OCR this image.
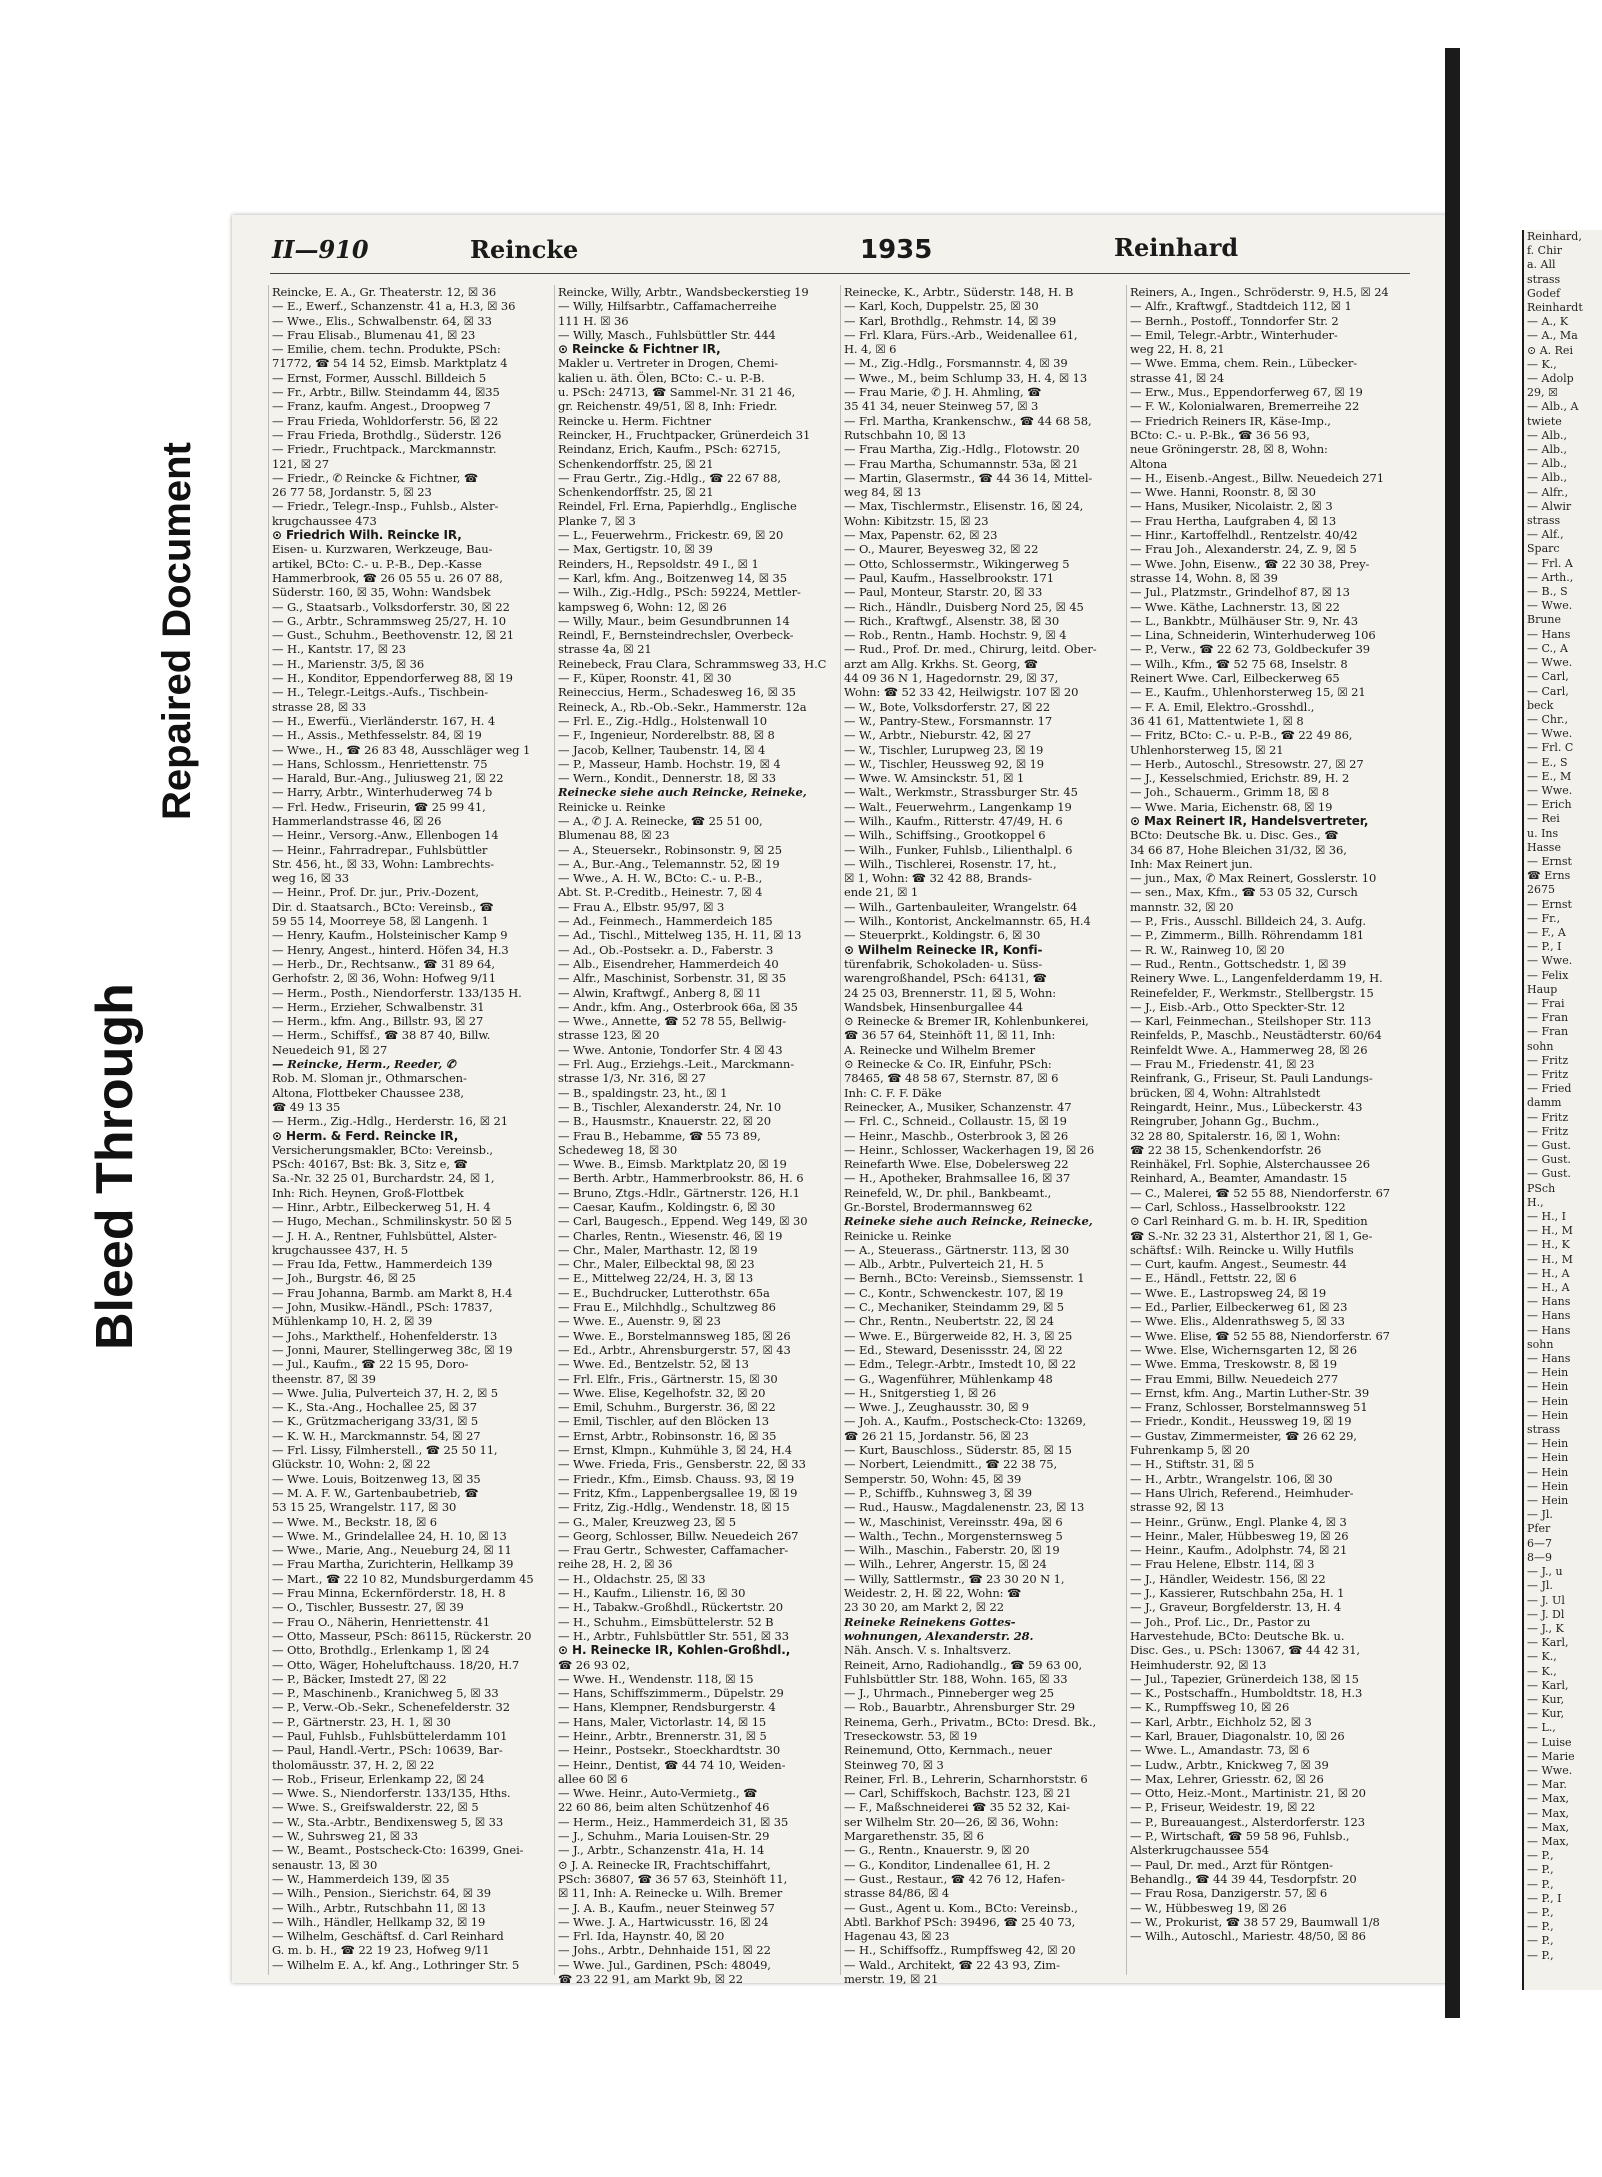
Bleed Through
Repaired Document
II—910	Reincke	1935	Reinhard
Reincke, E. A., Gr. Theaterstr. 12, ☒ 36
— E., Ewerf., Schanzenstr. 41 a, H.3, ☒ 36
— Wwe., Elis., Schwalbenstr. 64, ☒ 33
— Frau Elisab., Blumenau 41, ☒ 23
— Emilie, chem. techn. Produkte, PSch:
71772, ☎ 54 14 52, Eimsb. Marktplatz 4
— Ernst, Former, Ausschl. Billdeich 5
— Fr., Arbtr., Billw. Steindamm 44, ☒35
— Franz, kaufm. Angest., Droopweg 7
— Frau Frieda, Wohldorferstr. 56, ☒ 22
— Frau Frieda, Brothdlg., Süderstr. 126
— Friedr., Fruchtpack., Marckmannstr.
121, ☒ 27
— Friedr., ✆ Reincke & Fichtner, ☎
26 77 58, Jordanstr. 5, ☒ 23
— Friedr., Telegr.-Insp., Fuhlsb., Alster-
krugchaussee 473
⊙ Friedrich Wilh. Reincke IR,
Eisen- u. Kurzwaren, Werkzeuge, Bau-
artikel, BCto: C.- u. P.-B., Dep.-Kasse
Hammerbrook, ☎ 26 05 55 u. 26 07 88,
Süderstr. 160, ☒ 35, Wohn: Wandsbek
— G., Staatsarb., Volksdorferstr. 30, ☒ 22
— G., Arbtr., Schrammsweg 25/27, H. 10
— Gust., Schuhm., Beethovenstr. 12, ☒ 21
— H., Kantstr. 17, ☒ 23
— H., Marienstr. 3/5, ☒ 36
— H., Konditor, Eppendorferweg 88, ☒ 19
— H., Telegr.-Leitgs.-Aufs., Tischbein-
strasse 28, ☒ 33
— H., Ewerfü., Vierländerstr. 167, H. 4
— H., Assis., Methfesselstr. 84, ☒ 19
— Wwe., H., ☎ 26 83 48, Ausschläger weg 1
— Hans, Schlossm., Henriettenstr. 75
— Harald, Bur.-Ang., Juliusweg 21, ☒ 22
— Harry, Arbtr., Winterhuderweg 74 b
— Frl. Hedw., Friseurin, ☎ 25 99 41,
Hammerlandstrasse 46, ☒ 26
— Heinr., Versorg.-Anw., Ellenbogen 14
— Heinr., Fahrradrepar., Fuhlsbüttler
Str. 456, ht., ☒ 33, Wohn: Lambrechts-
weg 16, ☒ 33
— Heinr., Prof. Dr. jur., Priv.-Dozent,
Dir. d. Staatsarch., BCto: Vereinsb., ☎
59 55 14, Moorreye 58, ☒ Langenh. 1
— Henry, Kaufm., Holsteinischer Kamp 9
— Henry, Angest., hinterd. Höfen 34, H.3
— Herb., Dr., Rechtsanw., ☎ 31 89 64,
Gerhofstr. 2, ☒ 36, Wohn: Hofweg 9/11
— Herm., Posth., Niendorferstr. 133/135 H.
— Herm., Erzieher, Schwalbenstr. 31
— Herm., kfm. Ang., Billstr. 93, ☒ 27
— Herm., Schiffsf., ☎ 38 87 40, Billw.
Neuedeich 91, ☒ 27
— Reincke, Herm., Reeder, ✆
Rob. M. Sloman jr., Othmarschen-
Altona, Flottbeker Chaussee 238,
☎ 49 13 35
— Herm., Zig.-Hdlg., Herderstr. 16, ☒ 21
⊙ Herm. & Ferd. Reincke IR,
Versicherungsmakler, BCto: Vereinsb.,
PSch: 40167, Bst: Bk. 3, Sitz e, ☎
Sa.-Nr. 32 25 01, Burchardstr. 24, ☒ 1,
Inh: Rich. Heynen, Groß-Flottbek
— Hinr., Arbtr., Eilbeckerweg 51, H. 4
— Hugo, Mechan., Schmilinskystr. 50 ☒ 5
— J. H. A., Rentner, Fuhlsbüttel, Alster-
krugchaussee 437, H. 5
— Frau Ida, Fettw., Hammerdeich 139
— Joh., Burgstr. 46, ☒ 25
— Frau Johanna, Barmb. am Markt 8, H.4
— John, Musikw.-Händl., PSch: 17837,
Mühlenkamp 10, H. 2, ☒ 39
— Johs., Markthelf., Hohenfelderstr. 13
— Jonni, Maurer, Stellingerweg 38c, ☒ 19
— Jul., Kaufm., ☎ 22 15 95, Doro-
theenstr. 87, ☒ 39
— Wwe. Julia, Pulverteich 37, H. 2, ☒ 5
— K., Sta.-Ang., Hochallee 25, ☒ 37
— K., Grützmacherigang 33/31, ☒ 5
— K. W. H., Marckmannstr. 54, ☒ 27
— Frl. Lissy, Filmherstell., ☎ 25 50 11,
Glückstr. 10, Wohn: 2, ☒ 22
— Wwe. Louis, Boitzenweg 13, ☒ 35
— M. A. F. W., Gartenbaubetrieb, ☎
53 15 25, Wrangelstr. 117, ☒ 30
— Wwe. M., Beckstr. 18, ☒ 6
— Wwe. M., Grindelallee 24, H. 10, ☒ 13
— Wwe., Marie, Ang., Neueburg 24, ☒ 11
— Frau Martha, Zurichterin, Hellkamp 39
— Mart., ☎ 22 10 82, Mundsburgerdamm 45
— Frau Minna, Eckernförderstr. 18, H. 8
— O., Tischler, Bussestr. 27, ☒ 39
— Frau O., Näherin, Henriettenstr. 41
— Otto, Masseur, PSch: 86115, Rückerstr. 20
— Otto, Brothdlg., Erlenkamp 1, ☒ 24
— Otto, Wäger, Hoheluftchauss. 18/20, H.7
— P., Bäcker, Imstedt 27, ☒ 22
— P., Maschinenb., Kranichweg 5, ☒ 33
— P., Verw.-Ob.-Sekr., Schenefelderstr. 32
— P., Gärtnerstr. 23, H. 1, ☒ 30
— Paul, Fuhlsb., Fuhlsbüttelerdamm 101
— Paul, Handl.-Vertr., PSch: 10639, Bar-
tholomäusstr. 37, H. 2, ☒ 22
— Rob., Friseur, Erlenkamp 22, ☒ 24
— Wwe. S., Niendorferstr. 133/135, Hths.
— Wwe. S., Greifswalderstr. 22, ☒ 5
— W., Sta.-Arbtr., Bendixensweg 5, ☒ 33
— W., Suhrsweg 21, ☒ 33
— W., Beamt., Postscheck-Cto: 16399, Gnei-
senaustr. 13, ☒ 30
— W., Hammerdeich 139, ☒ 35
— Wilh., Pension., Sierichstr. 64, ☒ 39
— Wilh., Arbtr., Rutschbahn 11, ☒ 13
— Wilh., Händler, Hellkamp 32, ☒ 19
— Wilhelm, Geschäftsf. d. Carl Reinhard
G. m. b. H., ☎ 22 19 23, Hofweg 9/11
— Wilhelm E. A., kf. Ang., Lothringer Str. 5
Reincke, Willy, Arbtr., Wandsbeckerstieg 19
— Willy, Hilfsarbtr., Caffamacherreihe
111 H. ☒ 36
— Willy, Masch., Fuhlsbüttler Str. 444
⊙ Reincke & Fichtner IR,
Makler u. Vertreter in Drogen, Chemi-
kalien u. äth. Ölen, BCto: C.- u. P.-B.
u. PSch: 24713, ☎ Sammel-Nr. 31 21 46,
gr. Reichenstr. 49/51, ☒ 8, Inh: Friedr.
Reincke u. Herm. Fichtner
Reincker, H., Fruchtpacker, Grünerdeich 31
Reindanz, Erich, Kaufm., PSch: 62715,
Schenkendorffstr. 25, ☒ 21
— Frau Gertr., Zig.-Hdlg., ☎ 22 67 88,
Schenkendorffstr. 25, ☒ 21
Reindel, Frl. Erna, Papierhdlg., Englische
Planke 7, ☒ 3
— L., Feuerwehrm., Frickestr. 69, ☒ 20
— Max, Gertigstr. 10, ☒ 39
Reinders, H., Repsoldstr. 49 I., ☒ 1
— Karl, kfm. Ang., Boitzenweg 14, ☒ 35
— Wilh., Zig.-Hdlg., PSch: 59224, Mettler-
kampsweg 6, Wohn: 12, ☒ 26
— Willy, Maur., beim Gesundbrunnen 14
Reindl, F., Bernsteindrechsler, Overbeck-
strasse 4a, ☒ 21
Reinebeck, Frau Clara, Schrammsweg 33, H.C
— F., Küper, Roonstr. 41, ☒ 30
Reineccius, Herm., Schadesweg 16, ☒ 35
Reineck, A., Rb.-Ob.-Sekr., Hammerstr. 12a
— Frl. E., Zig.-Hdlg., Holstenwall 10
— F., Ingenieur, Norderelbstr. 88, ☒ 8
— Jacob, Kellner, Taubenstr. 14, ☒ 4
— P., Masseur, Hamb. Hochstr. 19, ☒ 4
— Wern., Kondit., Dennerstr. 18, ☒ 33
Reinecke siehe auch Reincke, Reineke,
Reinicke u. Reinke
— A., ✆ J. A. Reinecke, ☎ 25 51 00,
Blumenau 88, ☒ 23
— A., Steuersekr., Robinsonstr. 9, ☒ 25
— A., Bur.-Ang., Telemannstr. 52, ☒ 19
— Wwe., A. H. W., BCto: C.- u. P.-B.,
Abt. St. P.-Creditb., Heinestr. 7, ☒ 4
— Frau A., Elbstr. 95/97, ☒ 3
— Ad., Feinmech., Hammerdeich 185
— Ad., Tischl., Mittelweg 135, H. 11, ☒ 13
— Ad., Ob.-Postsekr. a. D., Faberstr. 3
— Alb., Eisendreher, Hammerdeich 40
— Alfr., Maschinist, Sorbenstr. 31, ☒ 35
— Alwin, Kraftwgf., Anberg 8, ☒ 11
— Andr., kfm. Ang., Osterbrook 66a, ☒ 35
— Wwe., Annette, ☎ 52 78 55, Bellwig-
strasse 123, ☒ 20
— Wwe. Antonie, Tondorfer Str. 4 ☒ 43
— Frl. Aug., Erziehgs.-Leit., Marckmann-
strasse 1/3, Nr. 316, ☒ 27
— B., spaldingstr. 23, ht., ☒ 1
— B., Tischler, Alexanderstr. 24, Nr. 10
— B., Hausmstr., Knauerstr. 22, ☒ 20
— Frau B., Hebamme, ☎ 55 73 89,
Schedeweg 18, ☒ 30
— Wwe. B., Eimsb. Marktplatz 20, ☒ 19
— Berth. Arbtr., Hammerbrookstr. 86, H. 6
— Bruno, Ztgs.-Hdlr., Gärtnerstr. 126, H.1
— Caesar, Kaufm., Koldingstr. 6, ☒ 30
— Carl, Baugesch., Eppend. Weg 149, ☒ 30
— Charles, Rentn., Wiesenstr. 46, ☒ 19
— Chr., Maler, Marthastr. 12, ☒ 19
— Chr., Maler, Eilbecktal 98, ☒ 23
— E., Mittelweg 22/24, H. 3, ☒ 13
— E., Buchdrucker, Lutterothstr. 65a
— Frau E., Milchhdlg., Schultzweg 86
— Wwe. E., Auenstr. 9, ☒ 23
— Wwe. E., Borstelmannsweg 185, ☒ 26
— Ed., Arbtr., Ahrensburgerstr. 57, ☒ 43
— Wwe. Ed., Bentzelstr. 52, ☒ 13
— Frl. Elfr., Fris., Gärtnerstr. 15, ☒ 30
— Wwe. Elise, Kegelhofstr. 32, ☒ 20
— Emil, Schuhm., Burgerstr. 36, ☒ 22
— Emil, Tischler, auf den Blöcken 13
— Ernst, Arbtr., Robinsonstr. 16, ☒ 35
— Ernst, Klmpn., Kuhmühle 3, ☒ 24, H.4
— Wwe. Frieda, Fris., Gensberstr. 22, ☒ 33
— Friedr., Kfm., Eimsb. Chauss. 93, ☒ 19
— Fritz, Kfm., Lappenbergsallee 19, ☒ 19
— Fritz, Zig.-Hdlg., Wendenstr. 18, ☒ 15
— G., Maler, Kreuzweg 23, ☒ 5
— Georg, Schlosser, Billw. Neuedeich 267
— Frau Gertr., Schwester, Caffamacher-
reihe 28, H. 2, ☒ 36
— H., Oldachstr. 25, ☒ 33
— H., Kaufm., Lilienstr. 16, ☒ 30
— H., Tabakw.-Großhdl., Rückertstr. 20
— H., Schuhm., Eimsbüttelerstr. 52 B
— H., Arbtr., Fuhlsbüttler Str. 551, ☒ 33
⊙ H. Reinecke IR, Kohlen-Großhdl.,
☎ 26 93 02,
— Wwe. H., Wendenstr. 118, ☒ 15
— Hans, Schiffszimmerm., Düpelstr. 29
— Hans, Klempner, Rendsburgerstr. 4
— Hans, Maler, Victorlastr. 14, ☒ 15
— Heinr., Arbtr., Brennerstr. 31, ☒ 5
— Heinr., Postsekr., Stoeckhardtstr. 30
— Heinr., Dentist, ☎ 44 74 10, Weiden-
allee 60 ☒ 6
— Wwe. Heinr., Auto-Vermietg., ☎
22 60 86, beim alten Schützenhof 46
— Herm., Heiz., Hammerdeich 31, ☒ 35
— J., Schuhm., Maria Louisen-Str. 29
— J., Arbtr., Schanzenstr. 41a, H. 14
⊙ J. A. Reinecke IR, Frachtschiffahrt,
PSch: 36807, ☎ 36 57 63, Steinhöft 11,
☒ 11, Inh: A. Reinecke u. Wilh. Bremer
— J. A. B., Kaufm., neuer Steinweg 57
— Wwe. J. A., Hartwicusstr. 16, ☒ 24
— Frl. Ida, Haynstr. 40, ☒ 20
— Johs., Arbtr., Dehnhaide 151, ☒ 22
— Wwe. Jul., Gardinen, PSch: 48049,
☎ 23 22 91, am Markt 9b, ☒ 22
Reinecke, K., Arbtr., Süderstr. 148, H. B
— Karl, Koch, Duppelstr. 25, ☒ 30
— Karl, Brothdlg., Rehmstr. 14, ☒ 39
— Frl. Klara, Fürs.-Arb., Weidenallee 61,
H. 4, ☒ 6
— M., Zig.-Hdlg., Forsmannstr. 4, ☒ 39
— Wwe., M., beim Schlump 33, H. 4, ☒ 13
— Frau Marie, ✆ J. H. Ahmling, ☎
35 41 34, neuer Steinweg 57, ☒ 3
— Frl. Martha, Krankenschw., ☎ 44 68 58,
Rutschbahn 10, ☒ 13
— Frau Martha, Zig.-Hdlg., Flotowstr. 20
— Frau Martha, Schumannstr. 53a, ☒ 21
— Martin, Glasermstr., ☎ 44 36 14, Mittel-
weg 84, ☒ 13
— Max, Tischlermstr., Elisenstr. 16, ☒ 24,
Wohn: Kibitzstr. 15, ☒ 23
— Max, Papenstr. 62, ☒ 23
— O., Maurer, Beyesweg 32, ☒ 22
— Otto, Schlossermstr., Wikingerweg 5
— Paul, Kaufm., Hasselbrookstr. 171
— Paul, Monteur, Starstr. 20, ☒ 33
— Rich., Händlr., Duisberg Nord 25, ☒ 45
— Rich., Kraftwgf., Alsenstr. 38, ☒ 30
— Rob., Rentn., Hamb. Hochstr. 9, ☒ 4
— Rud., Prof. Dr. med., Chirurg, leitd. Ober-
arzt am Allg. Krkhs. St. Georg, ☎
44 09 36 N 1, Hagedornstr. 29, ☒ 37,
Wohn: ☎ 52 33 42, Heilwigstr. 107 ☒ 20
— W., Bote, Volksdorferstr. 27, ☒ 22
— W., Pantry-Stew., Forsmannstr. 17
— W., Arbtr., Nieburstr. 42, ☒ 27
— W., Tischler, Lurupweg 23, ☒ 19
— W., Tischler, Heussweg 92, ☒ 19
— Wwe. W. Amsinckstr. 51, ☒ 1
— Walt., Werkmstr., Strassburger Str. 45
— Walt., Feuerwehrm., Langenkamp 19
— Wilh., Kaufm., Ritterstr. 47/49, H. 6
— Wilh., Schiffsing., Grootkoppel 6
— Wilh., Funker, Fuhlsb., Lilienthalpl. 6
— Wilh., Tischlerei, Rosenstr. 17, ht.,
☒ 1, Wohn: ☎ 32 42 88, Brands-
ende 21, ☒ 1
— Wilh., Gartenbauleiter, Wrangelstr. 64
— Wilh., Kontorist, Anckelmannstr. 65, H.4
— Steuerprkt., Koldingstr. 6, ☒ 30
⊙ Wilhelm Reinecke IR, Konfi-
türenfabrik, Schokoladen- u. Süss-
warengroßhandel, PSch: 64131, ☎
24 25 03, Brennerstr. 11, ☒ 5, Wohn:
Wandsbek, Hinsenburgallee 44
⊙ Reinecke & Bremer IR, Kohlenbunkerei,
☎ 36 57 64, Steinhöft 11, ☒ 11, Inh:
A. Reinecke und Wilhelm Bremer
⊙ Reinecke & Co. IR, Einfuhr, PSch:
78465, ☎ 48 58 67, Sternstr. 87, ☒ 6
Inh: C. F. F. Däke
Reinecker, A., Musiker, Schanzenstr. 47
— Frl. C., Schneid., Collaustr. 15, ☒ 19
— Heinr., Maschb., Osterbrook 3, ☒ 26
— Heinr., Schlosser, Wackerhagen 19, ☒ 26
Reinefarth Wwe. Else, Dobelersweg 22
— H., Apotheker, Brahmsallee 16, ☒ 37
Reinefeld, W., Dr. phil., Bankbeamt.,
Gr.-Borstel, Brodermannsweg 62
Reineke siehe auch Reincke, Reinecke,
Reinicke u. Reinke
— A., Steuerass., Gärtnerstr. 113, ☒ 30
— Alb., Arbtr., Pulverteich 21, H. 5
— Bernh., BCto: Vereinsb., Siemssenstr. 1
— C., Kontr., Schwenckestr. 107, ☒ 19
— C., Mechaniker, Steindamm 29, ☒ 5
— Chr., Rentn., Neubertstr. 22, ☒ 24
— Wwe. E., Bürgerweide 82, H. 3, ☒ 25
— Ed., Steward, Desenissstr. 24, ☒ 22
— Edm., Telegr.-Arbtr., Imstedt 10, ☒ 22
— G., Wagenführer, Mühlenkamp 48
— H., Snitgerstieg 1, ☒ 26
— Wwe. J., Zeughausstr. 30, ☒ 9
— Joh. A., Kaufm., Postscheck-Cto: 13269,
☎ 26 21 15, Jordanstr. 56, ☒ 23
— Kurt, Bauschloss., Süderstr. 85, ☒ 15
— Norbert, Leiendmitt., ☎ 22 38 75,
Semperstr. 50, Wohn: 45, ☒ 39
— P., Schiffb., Kuhnsweg 3, ☒ 39
— Rud., Hausw., Magdalenenstr. 23, ☒ 13
— W., Maschinist, Vereinsstr. 49a, ☒ 6
— Walth., Techn., Morgensternsweg 5
— Wilh., Maschin., Faberstr. 20, ☒ 19
— Wilh., Lehrer, Angerstr. 15, ☒ 24
— Willy, Sattlermstr., ☎ 23 30 20 N 1,
Weidestr. 2, H. ☒ 22, Wohn: ☎
23 30 20, am Markt 2, ☒ 22
Reineke Reinekens Gottes-
wohnungen, Alexanderstr. 28.
Näh. Ansch. V. s. Inhaltsverz.
Reineit, Arno, Radiohandlg., ☎ 59 63 00,
Fuhlsbüttler Str. 188, Wohn. 165, ☒ 33
— J., Uhrmach., Pinneberger weg 25
— Rob., Bauarbtr., Ahrensburger Str. 29
Reinema, Gerh., Privatm., BCto: Dresd. Bk.,
Treseckowstr. 53, ☒ 19
Reinemund, Otto, Kernmach., neuer
Steinweg 70, ☒ 3
Reiner, Frl. B., Lehrerin, Scharnhorststr. 6
— Carl, Schiffskoch, Bachstr. 123, ☒ 21
— F., Maßschneiderei ☎ 35 52 32, Kai-
ser Wilhelm Str. 20—26, ☒ 36, Wohn:
Margarethenstr. 35, ☒ 6
— G., Rentn., Knauerstr. 9, ☒ 20
— G., Konditor, Lindenallee 61, H. 2
— Gust., Restaur., ☎ 42 76 12, Hafen-
strasse 84/86, ☒ 4
— Gust., Agent u. Kom., BCto: Vereinsb.,
Abtl. Barkhof PSch: 39496, ☎ 25 40 73,
Hagenau 43, ☒ 23
— H., Schiffsoffz., Rumpffsweg 42, ☒ 20
— Wald., Architekt, ☎ 22 43 93, Zim-
merstr. 19, ☒ 21
Reiners, A., Ingen., Schröderstr. 9, H.5, ☒ 24
— Alfr., Kraftwgf., Stadtdeich 112, ☒ 1
— Bernh., Postoff., Tonndorfer Str. 2
— Emil, Telegr.-Arbtr., Winterhuder-
weg 22, H. 8, 21
— Wwe. Emma, chem. Rein., Lübecker-
strasse 41, ☒ 24
— Erw., Mus., Eppendorferweg 67, ☒ 19
— F. W., Kolonialwaren, Bremerreihe 22
— Friedrich Reiners IR, Käse-Imp.,
BCto: C.- u. P.-Bk., ☎ 36 56 93,
neue Gröningerstr. 28, ☒ 8, Wohn:
Altona
— H., Eisenb.-Angest., Billw. Neuedeich 271
— Wwe. Hanni, Roonstr. 8, ☒ 30
— Hans, Musiker, Nicolaistr. 2, ☒ 3
— Frau Hertha, Laufgraben 4, ☒ 13
— Hinr., Kartoffelhdl., Rentzelstr. 40/42
— Frau Joh., Alexanderstr. 24, Z. 9, ☒ 5
— Wwe. John, Eisenw., ☎ 22 30 38, Prey-
strasse 14, Wohn. 8, ☒ 39
— Jul., Platzmstr., Grindelhof 87, ☒ 13
— Wwe. Käthe, Lachnerstr. 13, ☒ 22
— L., Bankbtr., Mülhäuser Str. 9, Nr. 43
— Lina, Schneiderin, Winterhuderweg 106
— P., Verw., ☎ 22 62 73, Goldbeckufer 39
— Wilh., Kfm., ☎ 52 75 68, Inselstr. 8
Reinert Wwe. Carl, Eilbeckerweg 65
— E., Kaufm., Uhlenhorsterweg 15, ☒ 21
— F. A. Emil, Elektro.-Grosshdl.,
36 41 61, Mattentwiete 1, ☒ 8
— Fritz, BCto: C.- u. P.-B., ☎ 22 49 86,
Uhlenhorsterweg 15, ☒ 21
— Herb., Autoschl., Stresowstr. 27, ☒ 27
— J., Kesselschmied, Erichstr. 89, H. 2
— Joh., Schauerm., Grimm 18, ☒ 8
— Wwe. Maria, Eichenstr. 68, ☒ 19
⊙ Max Reinert IR, Handelsvertreter,
BCto: Deutsche Bk. u. Disc. Ges., ☎
34 66 87, Hohe Bleichen 31/32, ☒ 36,
Inh: Max Reinert jun.
— jun., Max, ✆ Max Reinert, Gosslerstr. 10
— sen., Max, Kfm., ☎ 53 05 32, Cursch
mannstr. 32, ☒ 20
— P., Fris., Ausschl. Billdeich 24, 3. Aufg.
— P., Zimmerm., Billh. Röhrendamm 181
— R. W., Rainweg 10, ☒ 20
— Rud., Rentn., Gottschedstr. 1, ☒ 39
Reinery Wwe. L., Langenfelderdamm 19, H.
Reinefelder, F., Werkmstr., Stellbergstr. 15
— J., Eisb.-Arb., Otto Speckter-Str. 12
— Karl, Feinmechan., Steilshoper Str. 113
Reinfelds, P., Maschb., Neustädterstr. 60/64
Reinfeldt Wwe. A., Hammerweg 28, ☒ 26
— Frau M., Friedenstr. 41, ☒ 23
Reinfrank, G., Friseur, St. Pauli Landungs-
brücken, ☒ 4, Wohn: Altrahlstedt
Reingardt, Heinr., Mus., Lübeckerstr. 43
Reingruber, Johann Gg., Buchm.,
32 28 80, Spitalerstr. 16, ☒ 1, Wohn:
☎ 22 38 15, Schenkendorfstr. 26
Reinhäkel, Frl. Sophie, Alsterchaussee 26
Reinhard, A., Beamter, Amandastr. 15
— C., Malerei, ☎ 52 55 88, Niendorferstr. 67
— Carl, Schloss., Hasselbrookstr. 122
⊙ Carl Reinhard G. m. b. H. IR, Spedition
☎ S.-Nr. 32 23 31, Alsterthor 21, ☒ 1, Ge-
schäftsf.: Wilh. Reincke u. Willy Hutfils
— Curt, kaufm. Angest., Seumestr. 44
— E., Händl., Fettstr. 22, ☒ 6
— Wwe. E., Lastropsweg 24, ☒ 19
— Ed., Parlier, Eilbeckerweg 61, ☒ 23
— Wwe. Elis., Aldenrathsweg 5, ☒ 33
— Wwe. Elise, ☎ 52 55 88, Niendorferstr. 67
— Wwe. Else, Wichernsgarten 12, ☒ 26
— Wwe. Emma, Treskowstr. 8, ☒ 19
— Frau Emmi, Billw. Neuedeich 277
— Ernst, kfm. Ang., Martin Luther-Str. 39
— Franz, Schlosser, Borstelmannsweg 51
— Friedr., Kondit., Heussweg 19, ☒ 19
— Gustav, Zimmermeister, ☎ 26 62 29,
Fuhrenkamp 5, ☒ 20
— H., Stiftstr. 31, ☒ 5
— H., Arbtr., Wrangelstr. 106, ☒ 30
— Hans Ulrich, Referend., Heimhuder-
strasse 92, ☒ 13
— Heinr., Grünw., Engl. Planke 4, ☒ 3
— Heinr., Maler, Hübbesweg 19, ☒ 26
— Heinr., Kaufm., Adolphstr. 74, ☒ 21
— Frau Helene, Elbstr. 114, ☒ 3
— J., Händler, Weidestr. 156, ☒ 22
— J., Kassierer, Rutschbahn 25a, H. 1
— J., Graveur, Borgfelderstr. 13, H. 4
— Joh., Prof. Lic., Dr., Pastor zu
Harvestehude, BCto: Deutsche Bk. u.
Disc. Ges., u. PSch: 13067, ☎ 44 42 31,
Heimhuderstr. 92, ☒ 13
— Jul., Tapezier, Grünerdeich 138, ☒ 15
— K., Postschaffn., Humboldtstr. 18, H.3
— K., Rumpffsweg 10, ☒ 26
— Karl, Arbtr., Eichholz 52, ☒ 3
— Karl, Brauer, Diagonalstr. 10, ☒ 26
— Wwe. L., Amandastr. 73, ☒ 6
— Ludw., Arbtr., Knickweg 7, ☒ 39
— Max, Lehrer, Griesstr. 62, ☒ 26
— Otto, Heiz.-Mont., Martinistr. 21, ☒ 20
— P., Friseur, Weidestr. 19, ☒ 22
— P., Bureauangest., Alsterdorferstr. 123
— P., Wirtschaft, ☎ 59 58 96, Fuhlsb.,
Alsterkrugchaussee 554
— Paul, Dr. med., Arzt für Röntgen-
Behandlg., ☎ 44 39 44, Tesdorpfstr. 20
— Frau Rosa, Danzigerstr. 57, ☒ 6
— W., Hübbesweg 19, ☒ 26
— W., Prokurist, ☎ 38 57 29, Baumwall 1/8
— Wilh., Autoschl., Mariestr. 48/50, ☒ 86
Reinhard,
f. Chir
a. All
strass
Godef
Reinhardt
— A., K
— A., Ma
⊙ A. Rei
— K.,
— Adolp
29, ☒
— Alb., A
twiete
— Alb.,
— Alb.,
— Alb.,
— Alb.,
— Alfr.,
— Alwir
strass
— Alf.,
Sparc
— Frl. A
— Arth.,
— B., S
— Wwe.
Brune
— Hans
— C., A
— Wwe.
— Carl,
— Carl,
beck
— Chr.,
— Wwe.
— Frl. C
— E., S
— E., M
— Wwe.
— Erich
— Rei
u. Ins
Hasse
— Ernst
☎ Erns
2675
— Ernst
— Fr.,
— F., A
— P., I
— Wwe.
— Felix
Haup
— Frai
— Fran
— Fran
sohn
— Fritz
— Fritz
— Fried
damm
— Fritz
— Fritz
— Gust.
— Gust.
— Gust.
PSch
H.,
— H., I
— H., M
— H., K
— H., M
— H., A
— H., A
— Hans
— Hans
— Hans
sohn
— Hans
— Hein
— Hein
— Hein
— Hein
strass
— Hein
— Hein
— Hein
— Hein
— Hein
— Jl.
Pfer
6—7
8—9
— J., u
— Jl.
— J. Ul
— J. Dl
— J., K
— Karl,
— K.,
— K.,
— Karl,
— Kur,
— Kur,
— L.,
— Luise
— Marie
— Wwe.
— Mar.
— Max,
— Max,
— Max,
— Max,
— P.,
— P.,
— P.,
— P., I
— P.,
— P.,
— P.,
— P.,
